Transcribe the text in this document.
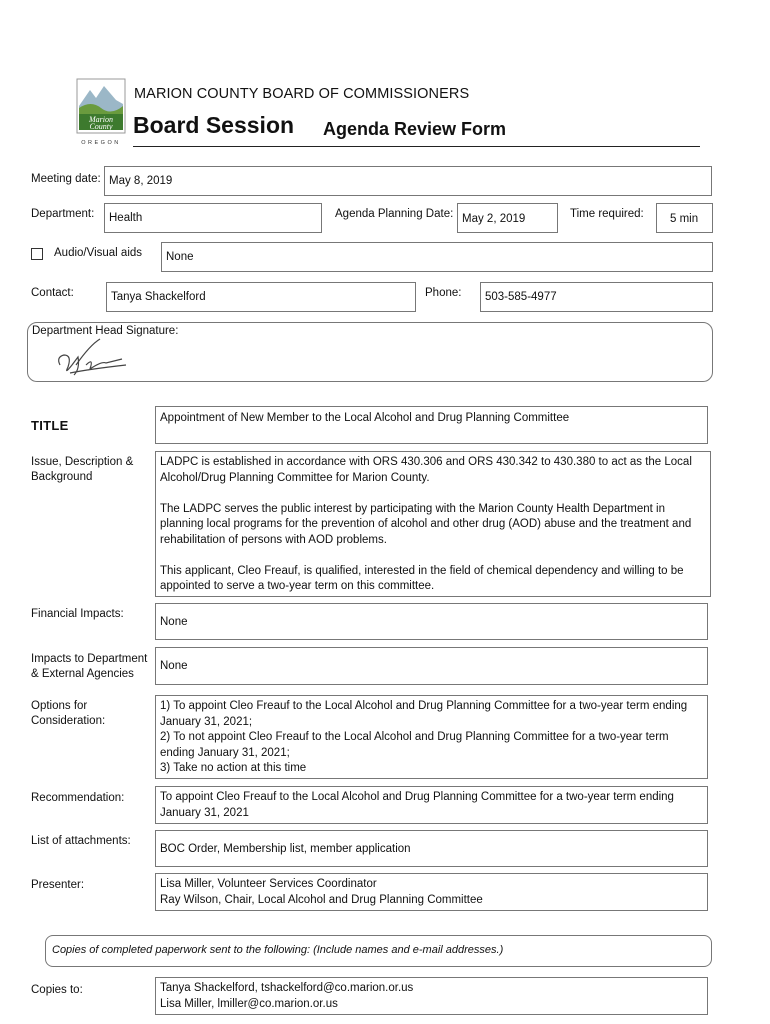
Marion
County
OREGON
MARION COUNTY BOARD OF COMMISSIONERS
Board Session Agenda Review Form
Meeting date: May 8, 2019
Department: Health	Agenda Planning Date: May 2, 2019	Time required: 5 min
Audio/Visual aids None
Contact:	Tanya Shackelford	Phone: 503-585-4977
Department Head Signature:
TITLE	Appointment of New Member to the Local Alcohol and Drug Planning Committee
Issue, Description &
Background

LADPC is established in accordance with ORS 430.306 and ORS 430.342 to 430.380 to act as the Local Alcohol/Drug Planning Committee for Marion County.

The LADPC serves the public interest by participating with the Marion County Health Department in planning local programs for the prevention of alcohol and other drug (AOD) abuse and the treatment and rehabilitation of persons with AOD problems.

This applicant, Cleo Freauf, is qualified, interested in the field of chemical dependency and willing to be appointed to serve a two-year term on this committee.

Financial Impacts:
None
Impacts to Department
& External Agencies
None
Options for
Consideration:
1) To appoint Cleo Freauf to the Local Alcohol and Drug Planning Committee for a two-year term ending January 31, 2021;
2) To not appoint Cleo Freauf to the Local Alcohol and Drug Planning Committee for a two-year term ending January 31, 2021;
3) Take no action at this time
Recommendation:	To appoint Cleo Freauf to the Local Alcohol and Drug Planning Committee for a two-year term ending January 31, 2021
List of attachments:
BOC Order, Membership list, member application
Presenter:	Lisa Miller, Volunteer Services Coordinator
Ray Wilson, Chair, Local Alcohol and Drug Planning Committee
Copies of completed paperwork sent to the following: (Include names and e-mail addresses.)
Copies to:	Tanya Shackelford, tshackelford@co.marion.or.us
Lisa Miller, lmiller@co.marion.or.us
